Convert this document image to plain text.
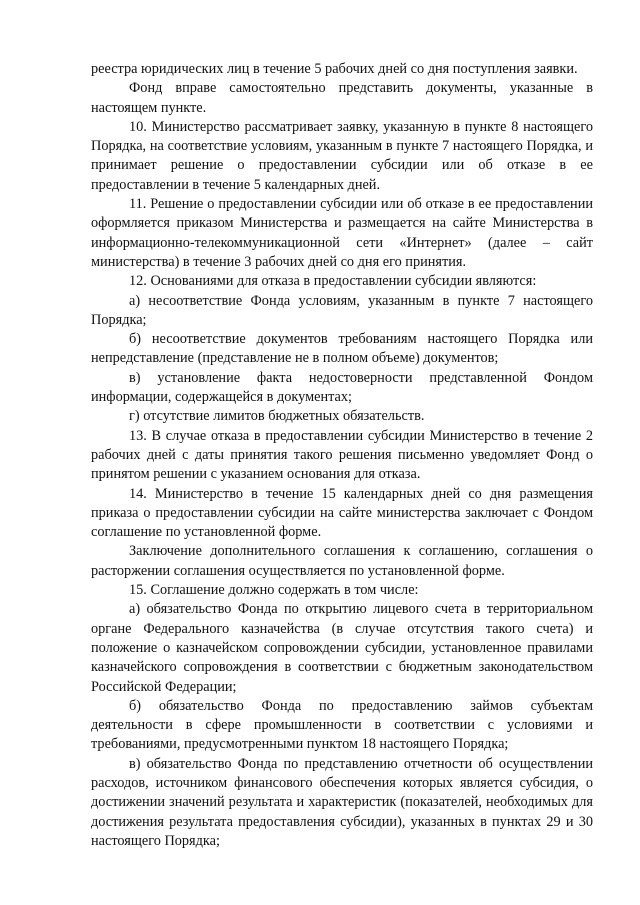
реестра юридических лиц в течение 5 рабочих дней со дня поступления заявки.

Фонд вправе самостоятельно представить документы, указанные в настоящем пункте.

10. Министерство рассматривает заявку, указанную в пункте 8 настоящего Порядка, на соответствие условиям, указанным в пункте 7 настоящего Порядка, и принимает решение о предоставлении субсидии или об отказе в ее предоставлении в течение 5 календарных дней.

11. Решение о предоставлении субсидии или об отказе в ее предоставлении оформляется приказом Министерства и размещается на сайте Министерства в информационно-телекоммуникационной сети «Интернет» (далее – сайт министерства) в течение 3 рабочих дней со дня его принятия.

12. Основаниями для отказа в предоставлении субсидии являются:

а) несоответствие Фонда условиям, указанным в пункте 7 настоящего Порядка;

б) несоответствие документов требованиям настоящего Порядка или непредставление (представление не в полном объеме) документов;

в) установление факта недостоверности представленной Фондом информации, содержащейся в документах;

г) отсутствие лимитов бюджетных обязательств.

13. В случае отказа в предоставлении субсидии Министерство в течение 2 рабочих дней с даты принятия такого решения письменно уведомляет Фонд о принятом решении с указанием основания для отказа.

14. Министерство в течение 15 календарных дней со дня размещения приказа о предоставлении субсидии на сайте министерства заключает с Фондом соглашение по установленной форме.

Заключение дополнительного соглашения к соглашению, соглашения о расторжении соглашения осуществляется по установленной форме.

15. Соглашение должно содержать в том числе:

а) обязательство Фонда по открытию лицевого счета в территориальном органе Федерального казначейства (в случае отсутствия такого счета) и положение о казначейском сопровождении субсидии, установленное правилами казначейского сопровождения в соответствии с бюджетным законодательством Российской Федерации;

б) обязательство Фонда по предоставлению займов субъектам деятельности в сфере промышленности в соответствии с условиями и требованиями, предусмотренными пунктом 18 настоящего Порядка;

в) обязательство Фонда по представлению отчетности об осуществлении расходов, источником финансового обеспечения которых является субсидия, о достижении значений результата и характеристик (показателей, необходимых для достижения результата предоставления субсидии), указанных в пунктах 29 и 30 настоящего Порядка;
